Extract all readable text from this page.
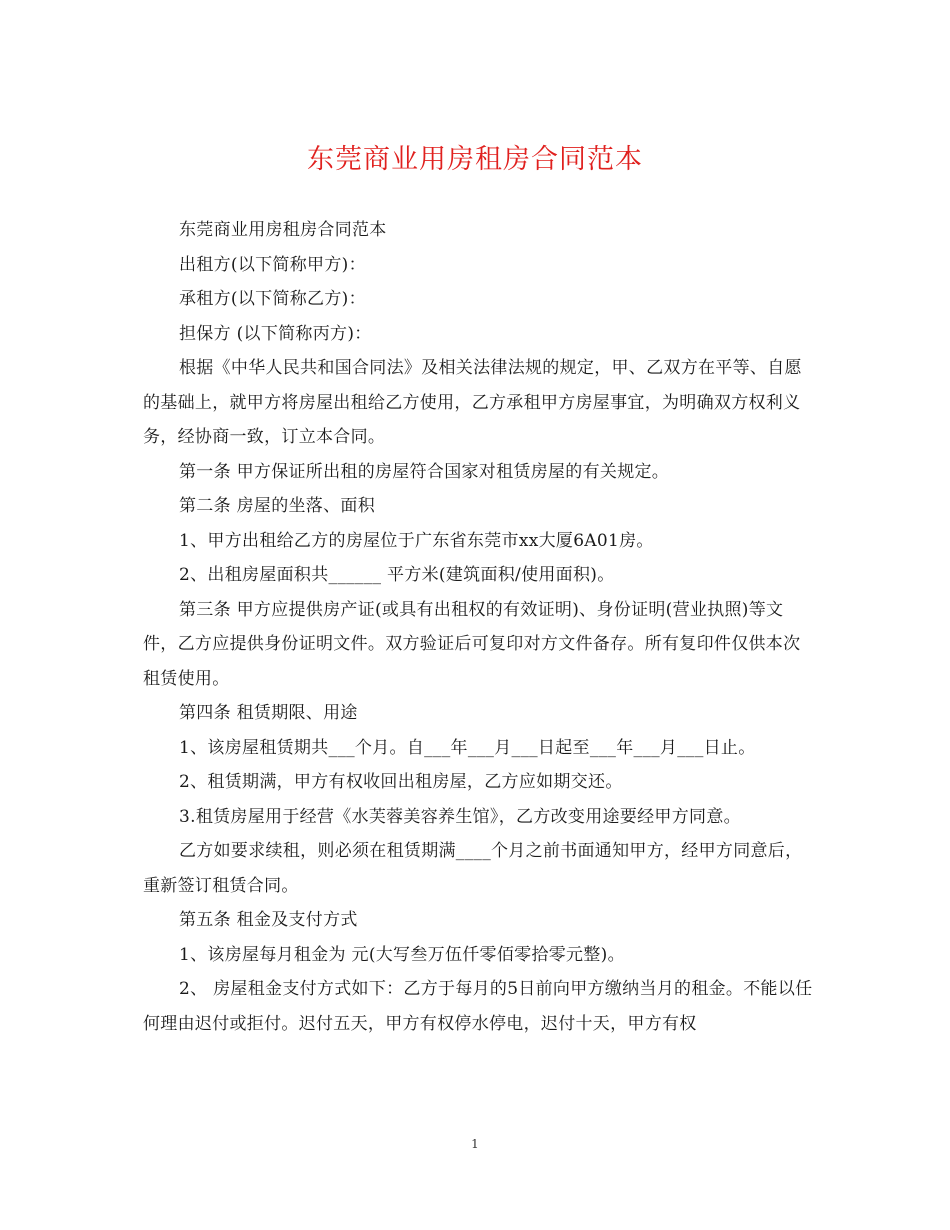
东莞商业用房租房合同范本

东莞商业用房租房合同范本

出租方(以下简称甲方)：

承租方(以下简称乙方)：

担保方 (以下简称丙方)：

根据《中华人民共和国合同法》及相关法律法规的规定，甲、乙双方在平等、自愿的基础上，就甲方将房屋出租给乙方使用，乙方承租甲方房屋事宜，为明确双方权利义务，经协商一致，订立本合同。

第一条 甲方保证所出租的房屋符合国家对租赁房屋的有关规定。

第二条 房屋的坐落、面积

1、甲方出租给乙方的房屋位于广东省东莞市xx大厦6A01房。

2、出租房屋面积共______ 平方米(建筑面积/使用面积)。

第三条 甲方应提供房产证(或具有出租权的有效证明)、身份证明(营业执照)等文件，乙方应提供身份证明文件。双方验证后可复印对方文件备存。所有复印件仅供本次租赁使用。

第四条 租赁期限、用途

1、该房屋租赁期共___个月。自___年___月___日起至___年___月___日止。

2、租赁期满，甲方有权收回出租房屋，乙方应如期交还。

3.租赁房屋用于经营《水芙蓉美容养生馆》，乙方改变用途要经甲方同意。

乙方如要求续租，则必须在租赁期满____个月之前书面通知甲方，经甲方同意后，重新签订租赁合同。

第五条 租金及支付方式

1、该房屋每月租金为 元(大写叁万伍仟零佰零拾零元整)。

2、 房屋租金支付方式如下：乙方于每月的5日前向甲方缴纳当月的租金。不能以任何理由迟付或拒付。迟付五天，甲方有权停水停电，迟付十天，甲方有权

1
